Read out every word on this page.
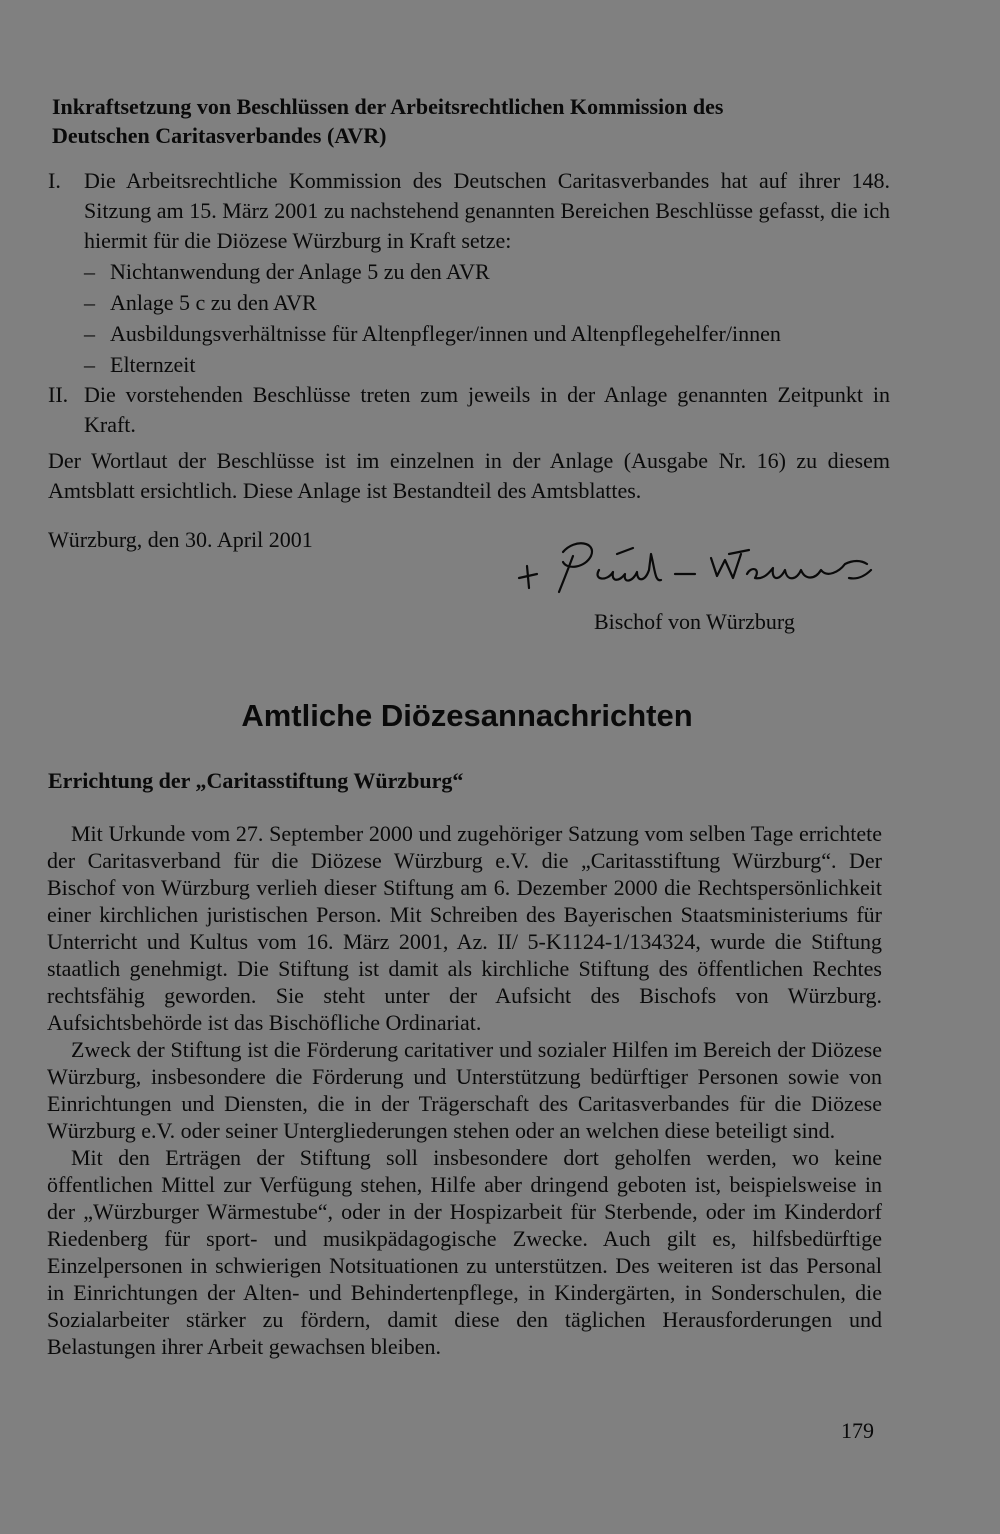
Inkraftsetzung von Beschlüssen der Arbeitsrechtlichen Kommission des
Deutschen Caritasverbandes (AVR)
I. Die Arbeitsrechtliche Kommission des Deutschen Caritasverbandes hat auf ihrer 148. Sitzung am 15. März 2001 zu nachstehend genannten Bereichen Beschlüsse gefasst, die ich hiermit für die Diözese Würzburg in Kraft setze:
– Nichtanwendung der Anlage 5 zu den AVR
– Anlage 5 c zu den AVR
– Ausbildungsverhältnisse für Altenpfleger/innen und Altenpflegehelfer/innen
– Elternzeit
II. Die vorstehenden Beschlüsse treten zum jeweils in der Anlage genannten Zeitpunkt in Kraft.

Der Wortlaut der Beschlüsse ist im einzelnen in der Anlage (Ausgabe Nr. 16) zu diesem Amtsblatt ersichtlich. Diese Anlage ist Bestandteil des Amtsblattes.

Würzburg, den 30. April 2001

Bischof von Würzburg

Amtliche Diözesannachrichten
Errichtung der „Caritasstiftung Würzburg“

Mit Urkunde vom 27. September 2000 und zugehöriger Satzung vom selben Tage errichtete der Caritasverband für die Diözese Würzburg e.V. die „Caritasstiftung Würzburg“. Der Bischof von Würzburg verlieh dieser Stiftung am 6. Dezember 2000 die Rechtspersönlichkeit einer kirchlichen juristischen Person. Mit Schreiben des Bayerischen Staatsministeriums für Unterricht und Kultus vom 16. März 2001, Az. II/ 5-K1124-1/134324, wurde die Stiftung staatlich genehmigt. Die Stiftung ist damit als kirchliche Stiftung des öffentlichen Rechtes rechtsfähig geworden. Sie steht unter der Aufsicht des Bischofs von Würzburg. Aufsichtsbehörde ist das Bischöfliche Ordinariat.

Zweck der Stiftung ist die Förderung caritativer und sozialer Hilfen im Bereich der Diözese Würzburg, insbesondere die Förderung und Unterstützung bedürftiger Personen sowie von Einrichtungen und Diensten, die in der Trägerschaft des Caritasverbandes für die Diözese Würzburg e.V. oder seiner Untergliederungen stehen oder an welchen diese beteiligt sind.

Mit den Erträgen der Stiftung soll insbesondere dort geholfen werden, wo keine öffentlichen Mittel zur Verfügung stehen, Hilfe aber dringend geboten ist, beispielsweise in der „Würzburger Wärmestube“, oder in der Hospizarbeit für Sterbende, oder im Kinderdorf Riedenberg für sport- und musikpädagogische Zwecke. Auch gilt es, hilfsbedürftige Einzelpersonen in schwierigen Notsituationen zu unterstützen. Des weiteren ist das Personal in Einrichtungen der Alten- und Behindertenpflege, in Kindergärten, in Sonderschulen, die Sozialarbeiter stärker zu fördern, damit diese den täglichen Herausforderungen und Belastungen ihrer Arbeit gewachsen bleiben.

179
